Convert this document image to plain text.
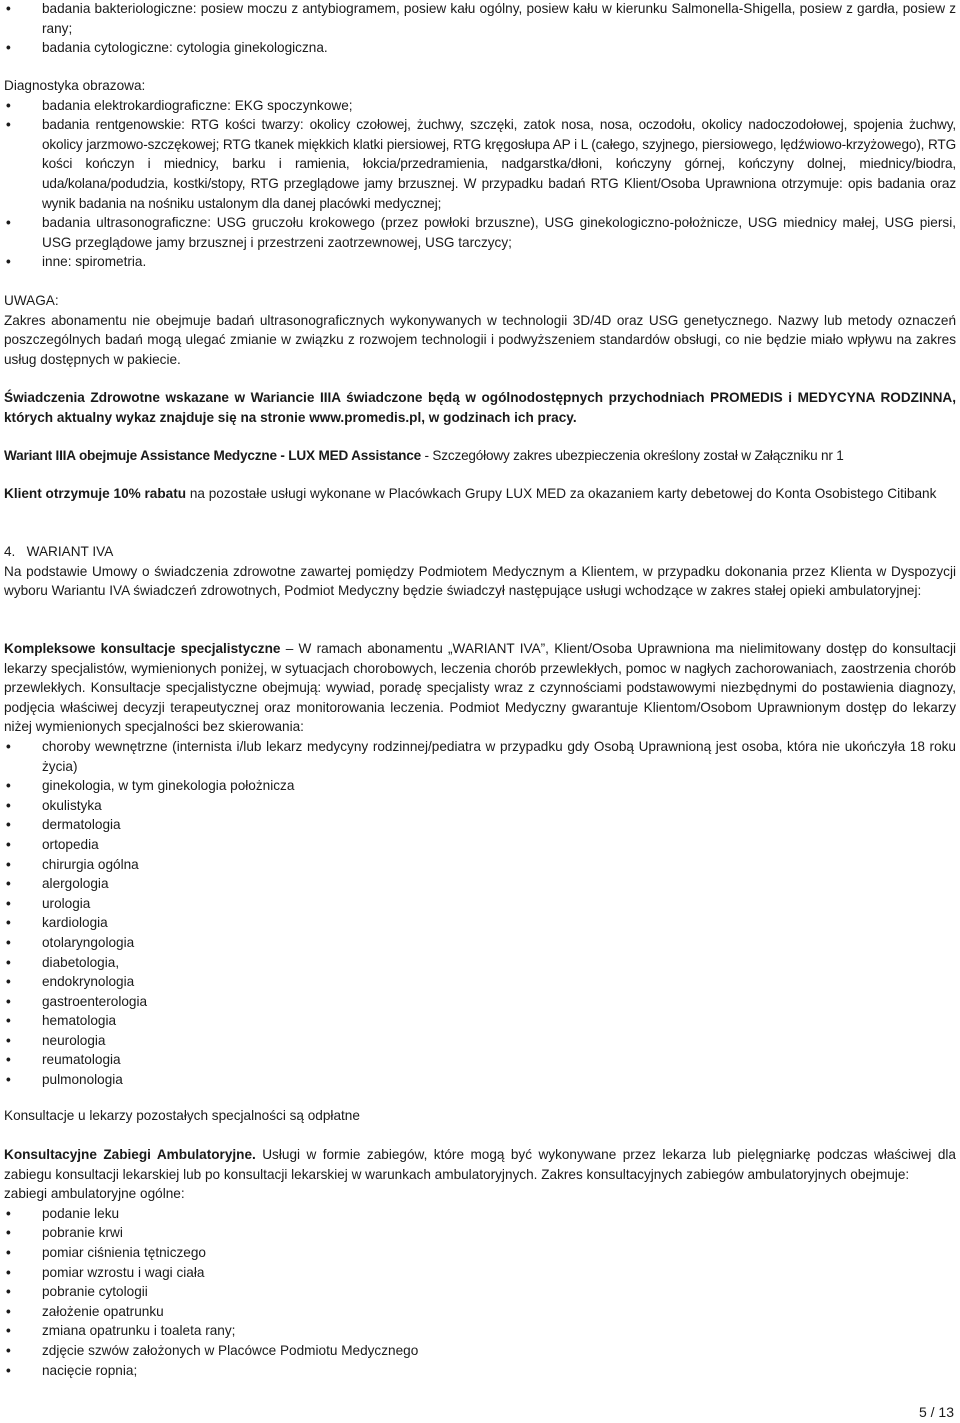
• badania bakteriologiczne: posiew moczu z antybiogramem, posiew kału ogólny, posiew kału w kierunku Salmonella-Shigella, posiew z gardła, posiew z rany;
• badania cytologiczne: cytologia ginekologiczna.
Diagnostyka obrazowa:
• badania elektrokardiograficzne: EKG spoczynkowe;
• badania rentgenowskie: RTG kości twarzy: okolicy czołowej, żuchwy, szczęki, zatok nosa, nosa, oczodołu, okolicy nadoczodołowej, spojenia żuchwy, okolicy jarzmowo-szczękowej; RTG tkanek miękkich klatki piersiowej, RTG kręgosłupa AP i L (całego, szyjnego, piersiowego, lędźwiowo-krzyżowego), RTG kości kończyn i miednicy, barku i ramienia, łokcia/przedramienia, nadgarstka/dłoni, kończyny górnej, kończyny dolnej, miednicy/biodra, uda/kolana/podudzia, kostki/stopy, RTG przeglądowe jamy brzusznej. W przypadku badań RTG Klient/Osoba Uprawniona otrzymuje: opis badania oraz wynik badania na nośniku ustalonym dla danej placówki medycznej;
• badania ultrasonograficzne: USG gruczołu krokowego (przez powłoki brzuszne), USG ginekologiczno-położnicze, USG miednicy małej, USG piersi, USG przeglądowe jamy brzusznej i przestrzeni zaotrzewnowej, USG tarczycy;
• inne: spirometria.
UWAGA:
Zakres abonamentu nie obejmuje badań ultrasonograficznych wykonywanych w technologii 3D/4D oraz USG genetycznego. Nazwy lub metody oznaczeń poszczególnych badań mogą ulegać zmianie w związku z rozwojem technologii i podwyższeniem standardów obsługi, co nie będzie miało wpływu na zakres usług dostępnych w pakiecie.
Świadczenia Zdrowotne wskazane w Wariancie IIIA świadczone będą w ogólnodostępnych przychodniach PROMEDIS i MEDYCYNA RODZINNA, których aktualny wykaz znajduje się na stronie www.promedis.pl, w godzinach ich pracy.
Wariant IIIA obejmuje Assistance Medyczne - LUX MED Assistance - Szczegółowy zakres ubezpieczenia określony został w Załączniku nr 1
Klient otrzymuje 10% rabatu na pozostałe usługi wykonane w Placówkach Grupy LUX MED za okazaniem karty debetowej do Konta Osobistego Citibank
4.   WARIANT IVA
Na podstawie Umowy o świadczenia zdrowotne zawartej pomiędzy Podmiotem Medycznym a Klientem, w przypadku dokonania przez Klienta w Dyspozycji wyboru Wariantu IVA świadczeń zdrowotnych, Podmiot Medyczny będzie świadczył następujące usługi wchodzące w zakres stałej opieki ambulatoryjnej:
Kompleksowe konsultacje specjalistyczne – W ramach abonamentu „WARIANT IVA”, Klient/Osoba Uprawniona ma nielimitowany dostęp do konsultacji lekarzy specjalistów, wymienionych poniżej, w sytuacjach chorobowych, leczenia chorób przewlekłych, pomoc w nagłych zachorowaniach, zaostrzenia chorób przewlekłych. Konsultacje specjalistyczne obejmują: wywiad, poradę specjalisty wraz z czynnościami podstawowymi niezbędnymi do postawienia diagnozy, podjęcia właściwej decyzji terapeutycznej oraz monitorowania leczenia. Podmiot Medyczny gwarantuje Klientom/Osobom Uprawnionym dostęp do lekarzy niżej wymienionych specjalności bez skierowania:
• choroby wewnętrzne (internista i/lub lekarz medycyny rodzinnej/pediatra w przypadku gdy Osobą Uprawnioną jest osoba, która nie ukończyła 18 roku życia)
• ginekologia, w tym ginekologia położnicza
• okulistyka
• dermatologia
• ortopedia
• chirurgia ogólna
• alergologia
• urologia
• kardiologia
• otolaryngologia
• diabetologia,
• endokrynologia
• gastroenterologia
• hematologia
• neurologia
• reumatologia
• pulmonologia
Konsultacje u lekarzy pozostałych specjalności są odpłatne
Konsultacyjne Zabiegi Ambulatoryjne. Usługi w formie zabiegów, które mogą być wykonywane przez lekarza lub pielęgniarkę podczas właściwej dla zabiegu konsultacji lekarskiej lub po konsultacji lekarskiej w warunkach ambulatoryjnych. Zakres konsultacyjnych zabiegów ambulatoryjnych obejmuje:
zabiegi ambulatoryjne ogólne:
• podanie leku
• pobranie krwi
• pomiar ciśnienia tętniczego
• pomiar wzrostu i wagi ciała
• pobranie cytologii
• założenie opatrunku
• zmiana opatrunku i toaleta rany;
• zdjęcie szwów założonych w Placówce Podmiotu Medycznego
• nacięcie ropnia;
5 / 13
